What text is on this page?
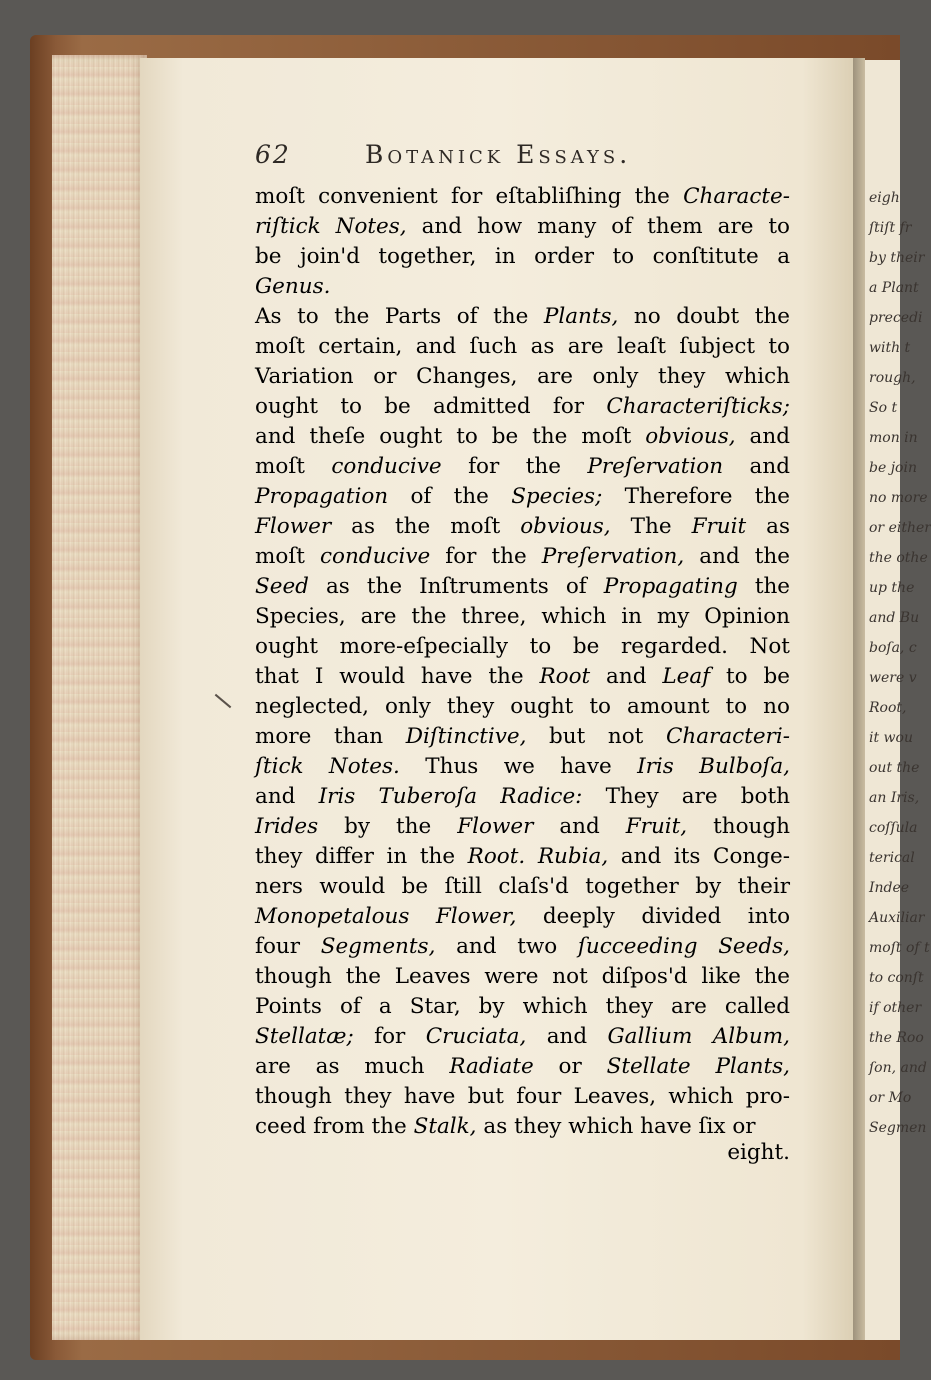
eigh
ſtiſt fr
by their
a Plant
precedi
with t
rough,
So t
mon in
be join
no more
or either
the othe
up the
and Bu
boſa, c
were v
Root,
it wou
out the
an Iris,
coſſula
terical
Indee
Auxiliar
moſt of t
to conſt
if other
the Roo
ſon, and
or Mo
Segmen
62	Botanick Essays.
moſt convenient for eſtabliſhing the Characte-
riſtick Notes, and how many of them are to
be join'd together, in order to conſtitute a
Genus.
As to the Parts of the Plants, no doubt the
moſt certain, and ſuch as are leaſt ſubject to
Variation or Changes, are only they which
ought to be admitted for Characteriſticks;
and theſe ought to be the moſt obvious, and
moſt conducive for the Preſervation and
Propagation of the Species; Therefore the
Flower as the moſt obvious, The Fruit as
moſt conducive for the Preſervation, and the
Seed as the Inſtruments of Propagating the
Species, are the three, which in my Opinion
ought more-eſpecially to be regarded. Not
that I would have the Root and Leaf to be
neglected, only they ought to amount to no
more than Diſtinctive, but not Characteri-
ſtick Notes. Thus we have Iris Bulboſa,
and Iris Tuberoſa Radice: They are both
Irides by the Flower and Fruit, though
they differ in the Root. Rubia, and its Conge-
ners would be ſtill claſs'd together by their
Monopetalous Flower, deeply divided into
four Segments, and two ſucceeding Seeds,
though the Leaves were not diſpos'd like the
Points of a Star, by which they are called
Stellatæ; for Cruciata, and Gallium Album,
are as much Radiate or Stellate Plants,
though they have but four Leaves, which pro-
ceed from the Stalk, as they which have ſix or
eight.
